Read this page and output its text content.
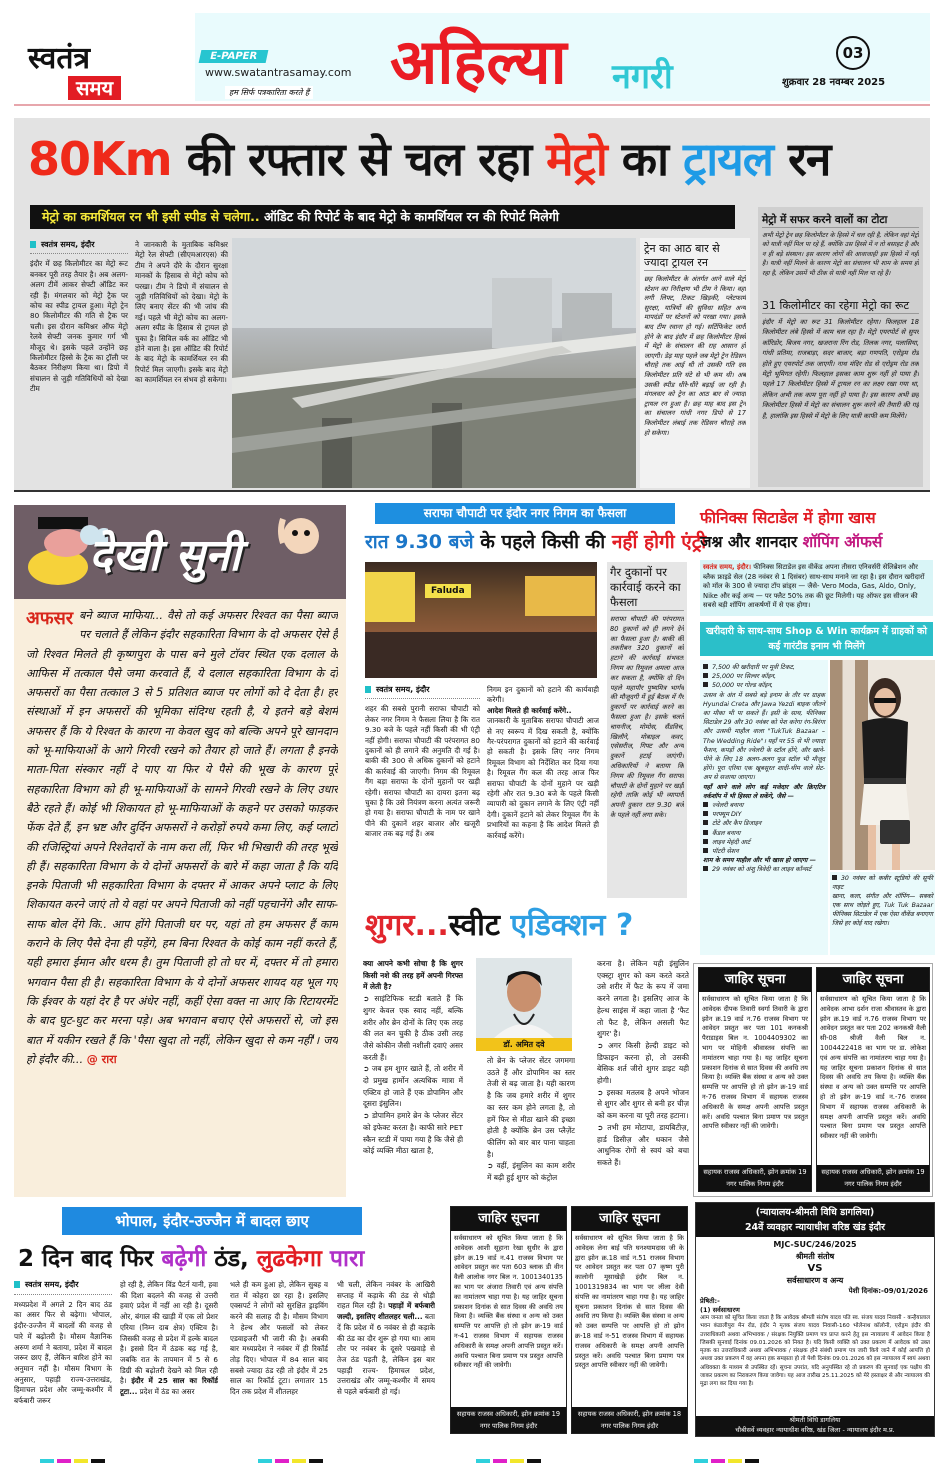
स्वतंत्र
समय
E-PAPER
www.swatantrasamay.com
हम सिर्फ पत्रकारिता करते हैं अहिल्या नगरी
03
शुक्रवार 28 नवम्बर 2025
80Km की रफ्तार से चल रहा मेट्रो का ट्रायल रन
मेट्रो का कमर्शियल रन भी इसी स्पीड से चलेगा.. ऑडिट की रिपोर्ट के बाद मेट्रो के कामर्शियल रन की रिपोर्ट मिलेगी
स्वतंत्र समय, इंदौर
इंदौर में छह किलोमीटर का मेट्रो रूट बनकर पूरी तरह तैयार है। अब अलग-अलग टीमें आकर सेफ्टी ऑडिट कर रही हैं। मंगलवार को मेट्रो ट्रैक पर कोच का स्पीड ट्रायल हुआ। मेट्रो ट्रेन 80 किलोमीटर की गति से ट्रैक पर चली। इस दौरान कमिश्नर ऑफ मेट्रो रेलवे सेफ्टी जनक कुमार गर्ग भी मौजूद थे। इसके पहले उन्होंने छह किलोमीटर हिस्से के ट्रैक का ट्रॉली पर बैठकर निरीक्षण किया था। डिपो में संचालन से जुड़ी गतिविधियों को देखा टीम
ने जानकारी के मुताबिक कमिश्नर मेट्रो रेल सेफ्टी (सीएमआरएस) की टीम ने अपने दौरे के दौरान सुरक्षा मानकों के हिसाब से मेट्रो कोच को परखा। टीम ने डिपो में संचालन से जुड़ी गतिविधियों को देखा। मेट्रो के लिए बनाए सेंटर की भी जांच की गई। पहले भी मेट्रो कोच का अलग-अलग स्पीड के हिसाब से ट्रायल हो चुका है। सिविल वर्क का ऑडिट भी होने वाला है। इस ऑडिट की रिपोर्ट के बाद मेट्रो के कामर्शियल रन की रिपोर्ट मिल जाएगी। इसके बाद मेट्रो का कामर्शियल रन संभव हो सकेगा।
ट्रेन का आठ बार से ज्यादा ट्रायल रन
छह किलोमीटर के अंतर्गत आने वाले मेट्रो स्टेशन का निरीक्षण भी टीम ने किया। वहां लगी लिफ्ट, टिकट खिड़की, प्लेटफार्म सुरक्षा, यात्रियों की सुविधा सहित अन्य मापदंडों पर स्टेशनों को परखा गया। इसके बाद टीम रवाना हो गई। सर्टिफिकेट जारी होने के बाद इंदौर में छह किलोमीटर हिस्से में मेट्रो के संचालन की राह आसान हो जाएगी। डेढ़ माह पहले जब मेट्रो ट्रेन रेडिसन चौराहे तक आई थी तो उसकी गति दस किलोमीटर प्रति घंटे से भी कम थी। अब उसकी स्पीड धीरे-धीरे बढ़ाई जा रही है। मंगलवार को ट्रेन का आठ बार से ज्यादा ट्रायल रन हुआ है। छह माह बाद इस ट्रेन का संचालन गांधी नगर डिपो से 17 किलोमीटर लंबाई तक रेडिसन चौराहे तक हो सकेगा।
मेट्रो में सफर करने वालों का टोटा
अभी मेट्रो ट्रेन छह किलोमीटर के हिस्से में चल रही है, लेकिन वहां मेट्रो को यात्री नहीं मिल पा रहे हैं, क्योंकि उस हिस्से में न तो बसाहट है और न ही बड़े संस्थान। इस कारण लोगों की आवाजाही इस हिस्से में नहीं है। यात्री नहीं मिलने के कारण मेट्रो का संचालन भी शाम के समय हो रहा है, लेकिन उसमें भी ठीक से यात्री नहीं मिल पा रहे हैं।
31 किलोमीटर का रहेगा मेट्रो का रूट
इंदौर में मेट्रो का रूट 31 किलोमीटर रहेगा। फिलहाल 18 किलोमीटर लंबे हिस्से में काम चल रहा है। मेट्रो एयरपोर्ट से सुपर कॉरिडोर, बिजय नगर, खजराना रिंग रोड, तिलक नगर, पलासिया, गांधी प्रतिमा, राजबाड़ा, सदर बाजार, बड़ा गणपति, एरोड्रम रोड होते हुए एयरपोर्ट तक जाएगी। नाथ मंदिर रोड से एरोड्रम रोड तक मेट्रो भूमिगत रहेगी। फिलहाल इसका काम शुरू नहीं हो पाया है। पहले 17 किलोमीटर हिस्से में ट्रायल रन का लक्ष्य रखा गया था, लेकिन अभी तक काम पूरा नहीं हो पाया है। इस कारण अभी छह किलोमीटर हिस्से में मेट्रो का संचालन शुरू करने की तैयारी की गई है, हालांकि इस हिस्से में मेट्रो के लिए यात्री काफी कम मिलेंगे।
देखी सुनी
अफसर बने ब्याज माफिया... वैसे तो कई अफसर रिश्वत का पैसा ब्याज पर चलाते हैं लेकिन इंदौर सहकारिता विभाग के दो अफसर ऐसे हैं जो रिश्वत मिलते ही कृष्णपुरा के पास बने मुले टॉवर स्थित एक दलाल के आफिस में तत्काल पैसे जमा करवाते हैं, ये दलाल सहकारिता विभाग के दो अफसरों का पैसा तत्काल 3 से 5 प्रतिशत ब्याज पर लोगों को दे देता है। हर संस्थाओं में इन अफसरों की भूमिका संदिग्ध रहती है, ये इतने बड़े बेशर्म अफसर हैं कि ये रिश्वत के कारण ना केवल खुद को बल्कि अपने पूरे खानदान को भू-माफियाओं के आगे गिरवी रखने को तैयार हो जाते हैं। लगता है इनके माता-पिता संस्कार नहीं दे पाए या फिर ये पैसे की भूख के कारण पूरे सहकारिता विभाग को ही भू-माफियाओं के सामने गिरवी रखने के लिए उधार बैठे रहते हैं। कोई भी शिकायत हो भू-माफियाओं के कहने पर उसको फाड़कर फेंक देते हैं, इन भ्रष्ट और दुर्दिन अफसरों ने करोड़ों रुपये कमा लिए, कई प्लाटों की रजिस्ट्रियां अपने रिश्तेदारों के नाम करा लीं, फिर भी भिखारी की तरह भूखे ही हैं। सहकारिता विभाग के ये दोनों अफसरों के बारे में कहा जाता है कि यदि इनके पिताजी भी सहकारिता विभाग के दफ्तर में आकर अपने प्लाट के लिए शिकायत करने जाएं तो ये वहां पर अपने पिताजी को नहीं पहचानेंगे और साफ-साफ बोल देंगे कि.. आप होंगे पिताजी घर पर, यहां तो हम अफसर हैं काम कराने के लिए पैसे देना ही पड़ेंगे, हम बिना रिश्वत के कोई काम नहीं करते हैं, यही हमारा ईमान और धरम है। तुम पिताजी हो तो घर में, दफ्तर में तो हमारा भगवान पैसा ही है। सहकारिता विभाग के ये दोनों अफसर शायद यह भूल गए कि ईश्वर के यहां देर है पर अंधेर नहीं, कहीं ऐसा वक्त ना आए कि रिटायरमेंट के बाद घुट-घुट कर मरना पड़े। अब भगवान बचाए ऐसे अफसरों से, जो इस बात में यकीन रखते हैं कि 'पैसा खुदा तो नहीं, लेकिन खुदा से कम नहीं'। जय हो इंदौर की... @ रारा
सराफा चौपाटी पर इंदौर नगर निगम का फैसला
रात 9.30 बजे के पहले किसी की नहीं होगी एंट्री
Faluda
गैर दुकानों पर कार्रवाई करने का फैसला
सराफा चौपाटी की परंपरागत 80 दुकानों को ही लगने देने का फैसला हुआ है। बाकी की तकरीबन 320 दुकानों को हटाने की कार्रवाई संभवतः निगम का रिमूवल अमला आज कर सकता है, क्योंकि दो दिन पहले महापौर पुष्यमित्र भार्गव की मौजूदगी में हुई बैठक में गैर दुकानों पर कार्रवाई करने का फैसला हुआ है। इसके चलते चायनीज, मोमोस, सैंडविच, खिलौने, मोबाइल कवर, एसेसरीज, गिफ्ट और अन्य दुकानें हटाई जाएंगी। अधिकारियों ने बताया कि निगम की रिमूवल गैंग सराफा चौपाटी के दोनों मुहाने पर खड़ी रहेगी ताकि कोई भी व्यापारी अपनी दुकान रात 9.30 बजे के पहले नहीं लगा सके।
स्वतंत्र समय, इंदौर
शहर की सबसे पुरानी सराफा चौपाटी को लेकर नगर निगम ने फैसला लिया है कि रात 9.30 बजे के पहले नहीं किसी की भी एंट्री नहीं होगी। सराफा चौपाटी की परंपरागत 80 दुकानों को ही लगाने की अनुमति दी गई है। बाकी की 300 से अधिक दुकानों को हटाने की कार्रवाई की जाएगी। निगम की रिमूवल गैंग बड़ा सराफा के दोनों मुहानों पर खड़ी रहेगी। सराफा चौपाटी का दायरा इतना बढ़ चुका है कि उसे नियंत्रण करना अत्यंत जरूरी हो गया है। सराफा चौपाटी के नाम पर खाने पीने की दुकानें शहर बाजार और खजूरी बाजार तक बढ़ गई हैं। अब
निगम इन दुकानों को हटाने की कार्यवाही करेगी।
आदेश मिलते ही कार्रवाई करेंगे..
जानकारी के मुताबिक सराफा चौपाटी आज से नए स्वरूप में दिख सकती है, क्योंकि गैर-परंपरागत दुकानों को हटाने की कार्रवाई हो सकती है। इसके लिए नगर निगम रिमूवल विभाग को निर्देशित कर दिया गया है। रिमूवल गैंग कल की तरह आज फिर सराफा चौपाटी के दोनों मुहाने पर खड़ी रहेगी और रात 9.30 बजे के पहले किसी व्यापारी को दुकान लगाने के लिए एंट्री नहीं देगी। दुकानें हटाने को लेकर रिमूवल गैंग के प्रभारियों का कहना है कि आदेश मिलते ही कार्रवाई करेंगे।
फीनिक्स सिटाडेल में होगा खास
जश्न और शानदार शॉपिंग ऑफर्स
स्वतंत्र समय, इंदौर। फीनिक्स सिटाडेल इस वीकेंड अपना तीसरा एनिवर्सरी सेलिब्रेशन और ब्लैक फ्राइडे सेल (28 नवंबर से 1 दिसंबर) साथ-साथ मनाने जा रहा है। इस दौरान खरीदारों को मॉल के 300 से ज्यादा टॉप ब्रांड्स — जैसे- Vero Moda, Gas, Aldo, Only, Nike और कई अन्य — पर फ्लैट 50% तक की छूट मिलेगी। यह ऑफर इस सीजन की सबसे बड़ी शॉपिंग आकर्षणों में से एक होगा।
खरीदारी के साथ-साथ Shop & Win कार्यक्रम में ग्राहकों को कई गारंटीड इनाम भी मिलेंगे
7,500 की खरीदारी पर मूवी टिकट,
25,000 पर सिल्वर कॉइन,
50,000 पर गोल्ड कॉइन,
उत्सव के अंत में सबसे बड़े इनाम के तौर पर ग्राहक Hyundai Creta और Jawa Yezdi बाइक जीतने का मौका भी पा सकते हैं। इसी के साथ, फीनिक्स सिटाडेल 29 और 30 नवंबर को पेश करेगा रंग-बिरंगा और उत्सवी माहौल वाला "TukTuk Bazaar – The Wedding Ride"। यहाँ पर 55 से भी ज्यादा फैशन, कपड़ों और ज्वेलरी के स्टॉल होंगे, और खाने-पीने के लिए 18 अलग-अलग फूड स्टॉल भी मौजूद होंगे। पूरा एरिया एक खूबसूरत शादी-थीम वाले सेट-अप से सजाया जाएगा।
यहाँ आने वाले लोग कई मजेदार और क्रिएटिव वर्कशॉप में भी हिस्सा ले सकेंगे, जैसे —
ज्वेलरी बनाना
परफ्यूम DIY
टोटे और कैप डिजाइन
कैंडल बनाना
लाइव मेहंदी आर्ट
पॉटरी सेशन
शाम के समय माहौल और भी खास हो जाएगा —
29 नवंबर को अंशु त्रिवेदी का लाइव कॉन्सर्ट
30 नवंबर को कबीर स्टूडियो की सूफी नाइट
खाना, कला, संगीत और शॉपिंग— सबको एक साथ जोड़ते हुए, Tuk Tuk Bazaar फीनिक्स सिटाडेल में एक ऐसा वीकेंड बनाएगा जिसे हर कोई याद रखेगा।
शुगर...स्वीट एडिक्शन ?
क्या आपने कभी सोचा है कि शुगर किसी नशे की तरह हमें अपनी गिरफ्त में लेती है?
➲ साइंटिफिक स्टडी बताते हैं कि शुगर केवल एक स्वाद नहीं, बल्कि शरीर और ब्रेन दोनों के लिए एक तरह की लत बन चुकी है ठीक उसी तरह जैसे कोकीन जैसी नशीली दवाएं असर करती हैं।
➲ जब हम शुगर खाते हैं, तो शरीर में दो प्रमुख हार्मोन अत्यधिक मात्रा में एक्टिव हो जाते हैं एक डोपामिन और दूसरा इंसुलिन।
➲ डोपामिन हमारे ब्रेन के प्लेजर सेंटर को इफेक्ट करता है। काफी सारे PET स्कैन स्टडी में पाया गया है कि जैसे ही कोई व्यक्ति मीठा खाता है,
डॉ. अमित दवे
तो ब्रेन के प्लेजर सेंटर जगमगा उठते हैं और डोपामिन का स्तर तेजी से बढ़ जाता है। यही कारण है कि जब हमारे शरीर में शुगर का स्तर कम होने लगता है, तो हमें फिर से मीठा खाने की इच्छा होती है क्योंकि ब्रेन उस प्लैज़ेंट फीलिंग को बार बार पाना चाहता है।
➲ वहीं, इंसुलिन का काम शरीर में बढ़ी हुई शुगर को कंट्रोल
करना है। लेकिन यही इंसुलिन एक्स्ट्रा शुगर को कम करते करते उसे शरीर में फैट के रूप में जमा करने लगता है। इसलिए आज के हेल्थ साइंस में कहा जाता है 'फैट तो फैट है, लेकिन असली फैट शुगर' है।
➲ अगर किसी हेल्दी डाइट को डिफाइन करना हो, तो उसकी बेसिक शर्त जीरो शुगर डाइट यही होगी।
➲ इसका मतलब है अपने भोजन से शुगर और शुगर से बनी हर चीज़ को कम करना या पूरी तरह हटाना।
➲ तभी हम मोटापा, डायबिटीज़, हार्ड डिसीज़ और थकान जैसे आधुनिक रोगों से स्वयं को बचा सकते हैं।
जाहिर सूचना
सर्वसाधारण को सूचित किया जाता है कि आवेदक दीपक तिवारी स्वर्गा तिवारी के द्वारा झोन क्र.19 वार्ड न.76 राजस्व विभाग पर आवेदन प्रस्तुत कर पता 101 कनकश्री पैराडाइस बिल न. 1004409302 का भाग पर मोहिनी श्रीवास्तव संपत्ति का नामांतरण चाहा गया है। यह जाहिर सूचना प्रकाशन दिनांक से सात दिवस की अवधि तय किया है। व्यक्ति बैंक संस्था व अन्य को उक्त सम्पत्ति पर आपत्ति हो तो झोन क्र-19 वार्ड न-76 राजस्व विभाग में सहायक राजस्व अधिकारी के समक्ष अपनी आपत्ति प्रस्तुत करें। अवधि पश्चात बिना प्रमाण पत्र प्रस्तुत आपत्ति स्वीकार नहीं की जावेगी।
सहायक राजस्व अधिकारी, झोन क्रमांक 19
नगर पालिक निगम इंदौर
जाहिर सूचना
सर्वसाधारण को सूचित किया जाता है कि आवेदक आभा दर्शन राजा श्रीवास्तव के द्वारा झोन क्र.19 वार्ड न.76 राजस्व विभाग पर आवेदन प्रस्तुत कर पता 202 कनकश्री वैली सी-08 श्रीजी वैली बिल न. 1004422418 का भाग पर डा. लोकेश एवं अन्य संपत्ति का नामांतरण चाहा गया है। यह जाहिर सूचना प्रकाशन दिनांक से सात दिवस की अवधि तय किया है। व्यक्ति बैंक संस्था व अन्य को उक्त सम्पत्ति पर आपत्ति हो तो झोन क्र-19 वार्ड न.-76 राजस्व विभाग में सहायक राजस्व अधिकारी के समक्ष अपनी आपत्ति प्रस्तुत करें। अवधि पश्चात बिना प्रमाण पत्र प्रस्तुत आपत्ति स्वीकार नहीं की जावेगी।
सहायक राजस्व अधिकारी, झोन क्रमांक 19
नगर पालिक निगम इंदौर
जाहिर सूचना
सर्वसाधारण को सूचित किया जाता है कि आवेदक आशी सूहाना रेखा सुधीर के द्वारा झोन क्र.19 वार्ड न.41 राजस्व विभाग पर आवेदन प्रस्तुत कर पता 603 ब्लाक डी वीन वैली आलोक नगर बिल न. 1001340135 का भाग पर अंजारा तिवारी एवं अन्य संपत्ति का नामांतरण चाहा गया है। यह जाहिर सूचना प्रकाशन दिनांक से सात दिवस की अवधि तय किया है। व्यक्ति बैंक संस्था व अन्य को उक्त सम्पत्ति पर आपत्ति हो तो झोन क्र-19 वार्ड न-41 राजस्व विभाग में सहायक राजस्व अधिकारी के समक्ष अपनी आपत्ति प्रस्तुत करें। अवधि पश्चात बिना प्रमाण पत्र प्रस्तुत आपत्ति स्वीकार नहीं की जावेगी।
सहायक राजस्व अधिकारी, झोन क्रमांक 19
नगर पालिक निगम इंदौर
जाहिर सूचना
सर्वसाधारण को सूचित किया जाता है कि आवेदक लेना बाई पति घनश्यामदास जी के द्वारा झोन क्र.18 वार्ड न.51 राजस्व विभाग पर आवेदन प्रस्तुत कर पता 07 कृष्ण पुरी कालोनी मूसाखेड़ी इंदौर बिल न. 1001319834 का भाग पर लीला देवी संपत्ति का नामांतरण चाहा गया है। यह जाहिर सूचना प्रकाशन दिनांक से सात दिवस की अवधि तय किया है। व्यक्ति बैंक संस्था व अन्य को उक्त सम्पत्ति पर आपत्ति हो तो झोन क्र-18 वार्ड न-51 राजस्व विभाग में सहायक राजस्व अधिकारी के समक्ष अपनी आपत्ति प्रस्तुत करें। अवधि पश्चात बिना प्रमाण पत्र प्रस्तुत आपत्ति स्वीकार नहीं की जावेगी।
सहायक राजस्व अधिकारी, झोन क्रमांक 18
नगर पालिक निगम इंदौर
भोपाल, इंदौर-उज्जैन में बादल छाए
2 दिन बाद फिर बढ़ेगी ठंड, लुढकेगा पारा
स्वतंत्र समय, इंदौर
मध्यप्रदेश में अगले 2 दिन बाद ठंड का असर फिर से बढ़ेगा। भोपाल, इंदौर-उज्जैन में बादलों की वजह से पारे में बढ़ोतरी है। मौसम वैज्ञानिक अरुण शर्मा ने बताया, प्रदेश में बादल जरूर छाए हैं, लेकिन बारिश होने का अनुमान नहीं है। मौसम विभाग के अनुसार, पहाड़ी राज्य-उत्तराखंड, हिमाचल प्रदेश और जम्मू-कश्मीर में बर्फबारी जरूर
हो रही है, लेकिन विंड पैटर्न यानी, हवा की दिशा बदलने की वजह से उत्तरी हवाएं प्रदेश में नहीं आ रही है। दूसरी ओर, बंगाल की खाड़ी में एक लो प्रेशर एरिया (निम्न दाब क्षेत्र) एक्टिव है। जिसकी वजह से प्रदेश में हल्के बादल है। इससे दिन में ठंडक बढ़ गई है, जबकि रात के तापमान में 5 से 6 डिग्री की बढ़ोतरी देखने को मिल रही है। इंदौर में 25 साल का रिकॉर्ड टूटा... प्रदेश में ठंड का असर
भले ही कम हुआ हो, लेकिन सुबह व रात में कोहरा छा रहा है। इसलिए एक्सपर्ट ने लोगों को सुरक्षित ड्राइविंग करने की सलाह दी है। मौसम विभाग ने हेल्थ और फसलों को लेकर एडवाइजरी भी जारी की है। अबकी बार मध्यप्रदेश ने नवंबर में ही रिकॉर्ड तोड़ दिए। भोपाल में 84 साल बाद सबसे ज्यादा ठंड रही तो इंदौर में 25 साल का रिकॉर्ड टूटा। लगातार 15 दिन तक प्रदेश में शीतलहर
भी चली, लेकिन नवंबर के आखिरी सप्ताह में कड़ाके की ठंड से थोड़ी राहत मिल रही है। पहाड़ों में बर्फबारी जल्दी, इसलिए शीतलहर चली... बता दें कि प्रदेश में 6 नवंबर से ही कड़ाके की ठंड का दौर शुरू हो गया था। आम तौर पर नवंबर के दूसरे पखवाड़े से तेज ठंड पड़ती है, लेकिन इस बार पहाड़ी राज्य- हिमाचल प्रदेश, उत्तराखंड और जम्मू-कश्मीर में समय से पहले बर्फबारी हो गई।
(न्यायालय-श्रीमती विधि डागलिया)
24वें व्यवहार न्यायाधीश वरिष्ठ खंड इंदौर
MJC-SUC/246/2025
श्रीमती संतोष
VS
सर्वसाधारण व अन्य
पेशी दिनांक:-09/01/2026
प्रेषिती:-
(1) सर्वसाधारण
आम जनता को सूचित किया जाता है कि आवेदक श्रीमती संतोष यादव पति स्व. संजय यादव निवासी - कन्हैयालाल भवन कंडालीपुरा मेन रोड, इंदौर ने मृतक संजय यादव निवासी-160 भोलेनाथ कॉलोनी, एरोड्रम इंदौर की उत्तराधिकारी अथवा अभिभावक / संरक्षक नियुक्ति प्रमाण पत्र प्राप्त करने हेतु इस न्यायालय में आवेदन किया है जिसकी सुनवाई दिनांक 09.01.2026 को नियत है। यदि किसी व्यक्ति को उक्त प्रकरण में आवेदक को उक्त मृतक का उत्तराधिकारी अथवा अभिभावक / संरक्षक होने संबंधी प्रमाण पत्र जारी किये जाने में कोई आपत्ति हो अथवा उक्त प्रकरण में वह अपना हक समझता हो तो पेशी दिनांक 09.01.2026 को इस न्यायालय में स्वयं अथवा अधिवक्ता के माध्यम से उपस्थित रहें। सूचना उपरांत, यदि अनुपस्थित रहे तो प्रकरण की सुनवाई एक पक्षीय की जाकर प्रकरण का निराकरण किया जावेगा। यह आज तारीख 25.11.2025 को मेरे हस्ताक्षर से और न्यायालय की मुद्रा लगा कर दिया गया है।
श्रीमती विधि डागलिया
चौबीसवें व्यवहार न्यायाधीश वरिष्ठ, खंड जिला - न्यायालय इंदौर म.प्र.
